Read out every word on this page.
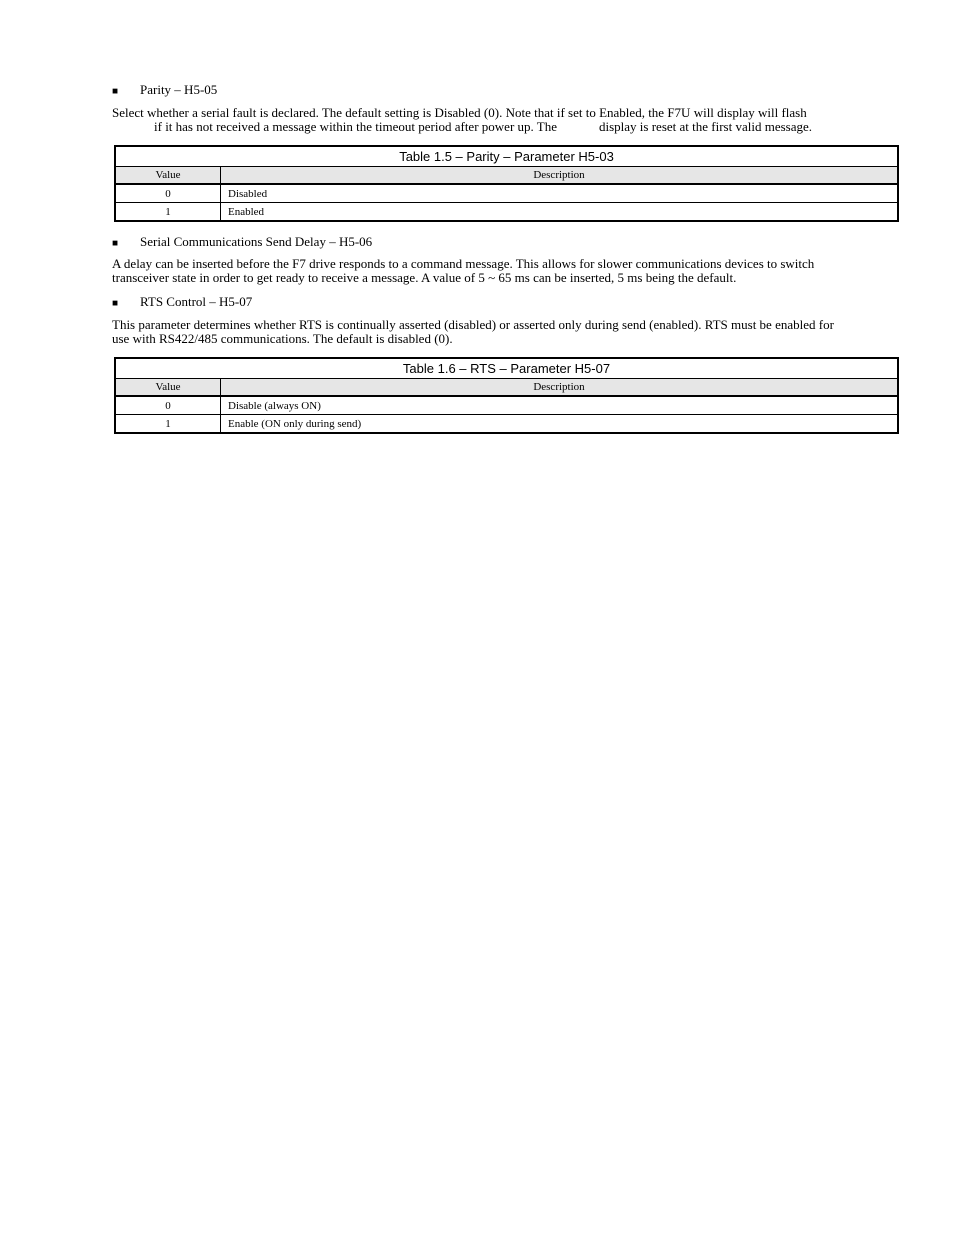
■ Parity – H5-05
Select whether a serial fault is declared. The default setting is Disabled (0). Note that if set to Enabled, the F7U will display will flash
if it has not received a message within the timeout period after power up. The	display is reset at the first valid message.
Table 1.5 – Parity – Parameter H5-03	
Value	Description
0	Disabled
1	Enabled
■ Serial Communications Send Delay – H5-06
A delay can be inserted before the F7 drive responds to a command message. This allows for slower communications devices to switch
transceiver state in order to get ready to receive a message. A value of 5 ~ 65 ms can be inserted, 5 ms being the default.
■ RTS Control – H5-07
This parameter determines whether RTS is continually asserted (disabled) or asserted only during send (enabled). RTS must be enabled for
use with RS422/485 communications. The default is disabled (0).
Table 1.6 – RTS – Parameter H5-07	
Value	Description
0	Disable (always ON)
1	Enable (ON only during send)
